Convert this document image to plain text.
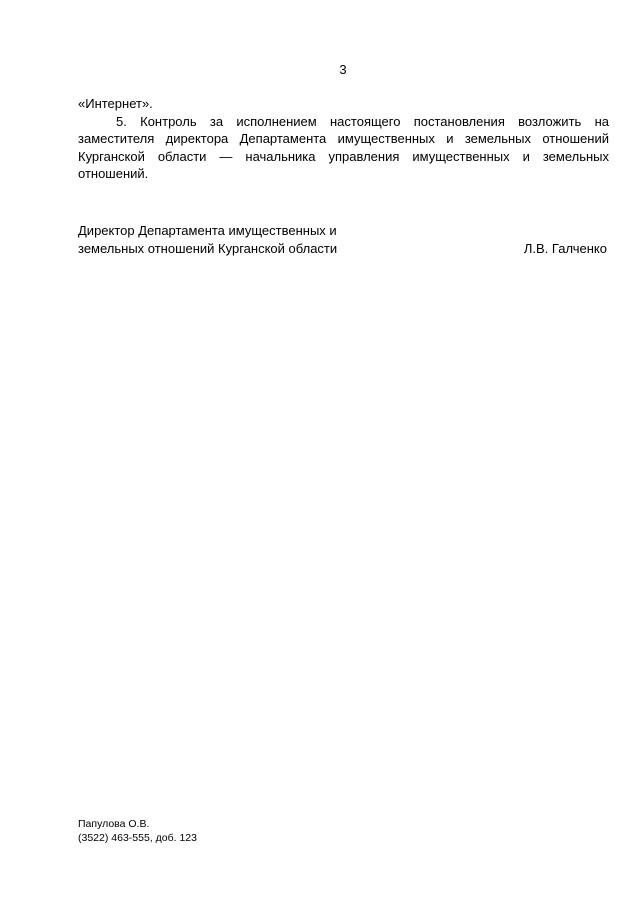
3

«Интернет».

5. Контроль за исполнением настоящего постановления возложить на заместителя директора Департамента имущественных и земельных отношений Курганской области — начальника управления имущественных и земельных отношений.

Директор Департамента имущественных и
земельных отношений Курганской области	Л.В. Галченко
Папулова О.В.
(3522) 463-555, доб. 123
